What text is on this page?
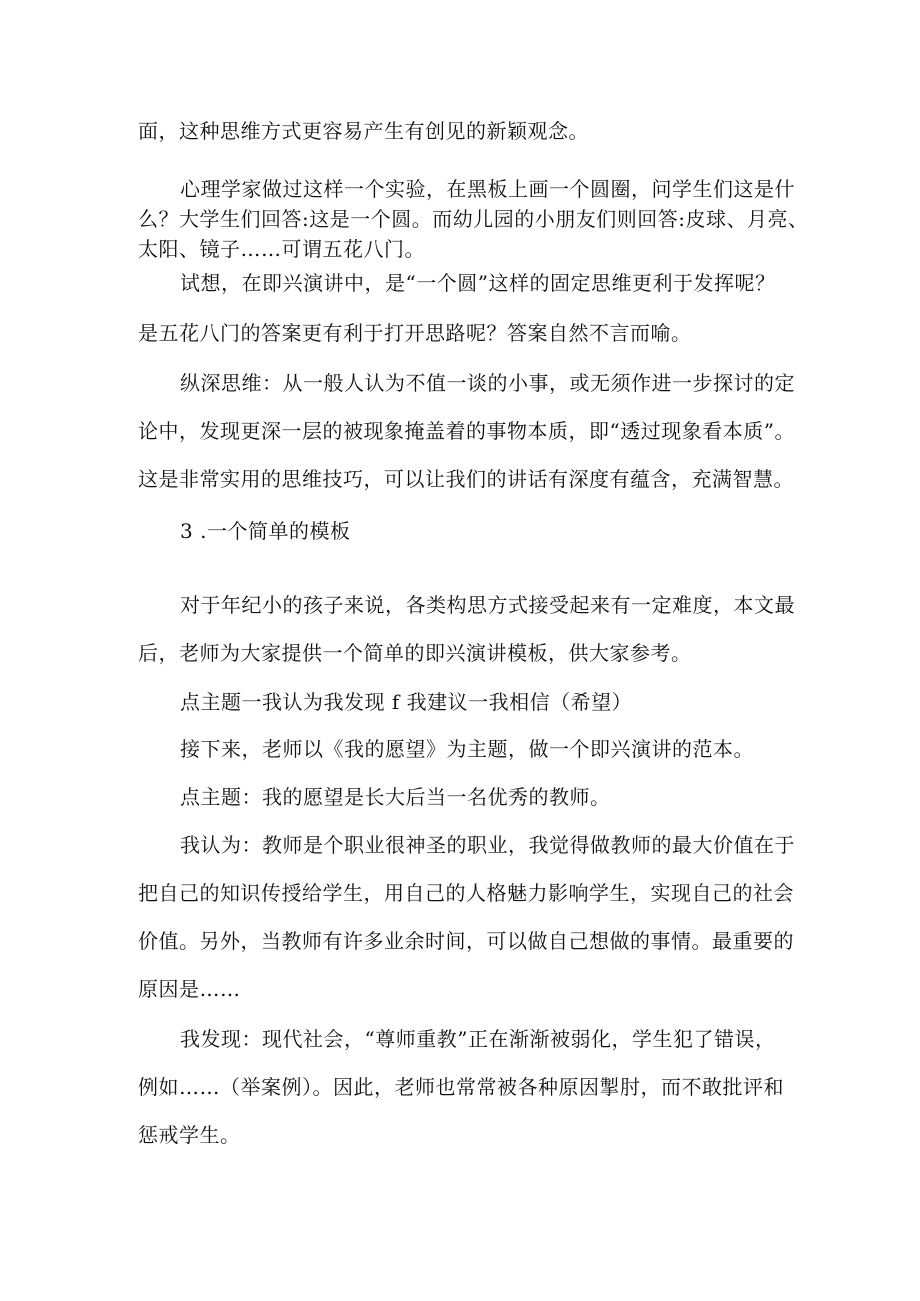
面，这种思维方式更容易产生有创见的新颖观念。
心理学家做过这样一个实验，在黑板上画一个圆圈，问学生们这是什
么？大学生们回答:这是一个圆。而幼儿园的小朋友们则回答:皮球、月亮、
太阳、镜子……可谓五花八门。
试想，在即兴演讲中，是“一个圆”这样的固定思维更利于发挥呢？
是五花八门的答案更有利于打开思路呢？答案自然不言而喻。
纵深思维：从一般人认为不值一谈的小事，或无须作进一步探讨的定
论中，发现更深一层的被现象掩盖着的事物本质，即“透过现象看本质”。
这是非常实用的思维技巧，可以让我们的讲话有深度有蕴含，充满智慧。
3 .一个简单的模板
对于年纪小的孩子来说，各类构思方式接受起来有一定难度，本文最
后，老师为大家提供一个简单的即兴演讲模板，供大家参考。
点主题一我认为我发现 f 我建议一我相信（希望）
接下来，老师以《我的愿望》为主题，做一个即兴演讲的范本。
点主题：我的愿望是长大后当一名优秀的教师。
我认为：教师是个职业很神圣的职业，我觉得做教师的最大价值在于
把自己的知识传授给学生，用自己的人格魅力影响学生，实现自己的社会
价值。另外，当教师有许多业余时间，可以做自己想做的事情。最重要的
原因是……
我发现：现代社会，“尊师重教”正在渐渐被弱化，学生犯了错误，
例如……（举案例）。因此，老师也常常被各种原因掣肘，而不敢批评和
惩戒学生。
